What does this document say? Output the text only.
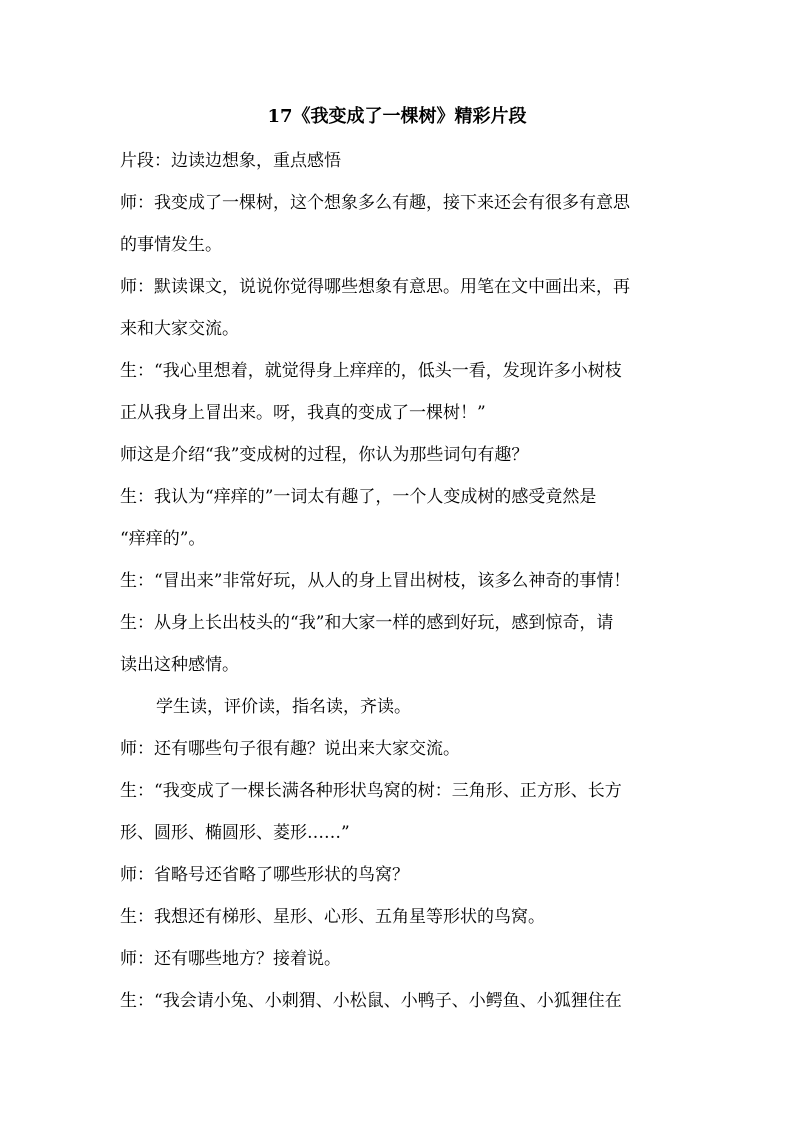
17《我变成了一棵树》精彩片段
片段：边读边想象，重点感悟
师：我变成了一棵树，这个想象多么有趣，接下来还会有很多有意思
的事情发生。
师：默读课文，说说你觉得哪些想象有意思。用笔在文中画出来，再
来和大家交流。
生：“我心里想着，就觉得身上痒痒的，低头一看，发现许多小树枝
正从我身上冒出来。呀，我真的变成了一棵树！”
师这是介绍“我”变成树的过程，你认为那些词句有趣？
生：我认为“痒痒的”一词太有趣了，一个人变成树的感受竟然是
“痒痒的”。
生：“冒出来”非常好玩，从人的身上冒出树枝，该多么神奇的事情！
生：从身上长出枝头的“我”和大家一样的感到好玩，感到惊奇，请
读出这种感情。
学生读，评价读，指名读，齐读。
师：还有哪些句子很有趣？说出来大家交流。
生：“我变成了一棵长满各种形状鸟窝的树：三角形、正方形、长方
形、圆形、椭圆形、菱形……”
师：省略号还省略了哪些形状的鸟窝？
生：我想还有梯形、星形、心形、五角星等形状的鸟窝。
师：还有哪些地方？接着说。
生：“我会请小兔、小刺猬、小松鼠、小鸭子、小鳄鱼、小狐狸住在
